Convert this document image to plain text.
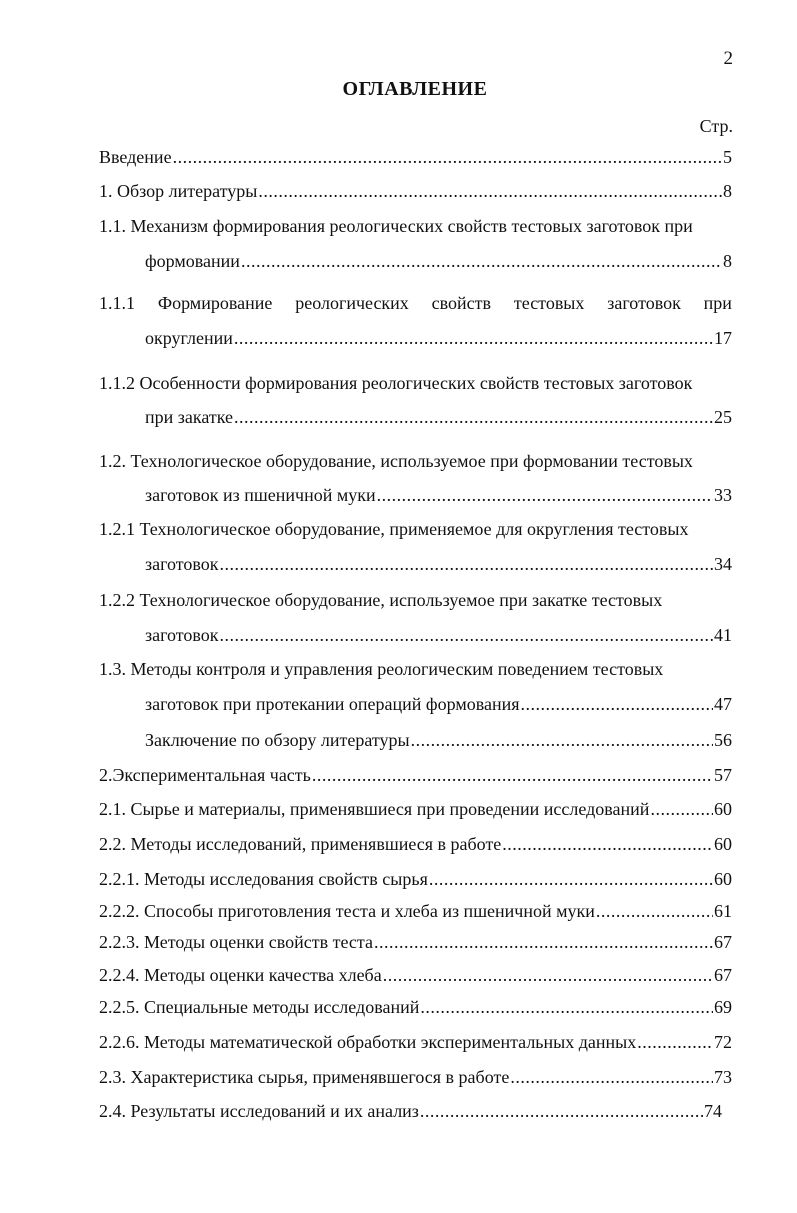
2
ОГЛАВЛЕНИЕ
Стр.
Введение .....	5
1. Обзор литературы .....	8
1.1. Механизм формирования реологических свойств тестовых заготовок при
формовании .....	8
1.1.1 Формирование реологических свойств тестовых заготовок при
округлении .....	17
1.1.2 Особенности формирования реологических свойств тестовых заготовок
при закатке .....	25
1.2. Технологическое оборудование, используемое при формовании тестовых
заготовок из пшеничной муки .....	33
1.2.1 Технологическое оборудование, применяемое для округления тестовых
заготовок .....	34
1.2.2 Технологическое оборудование, используемое при закатке тестовых
заготовок .....	41
1.3. Методы контроля и управления реологическим поведением тестовых
заготовок при протекании операций формования .....	47
Заключение по обзору литературы .....	56
2.Экспериментальная часть .....	57
2.1. Сырье и материалы, применявшиеся при проведении исследований .....	60
2.2. Методы исследований, применявшиеся в работе .....	60
2.2.1. Методы исследования свойств сырья .....	60
2.2.2. Способы приготовления теста и хлеба из пшеничной муки .....	61
2.2.3. Методы оценки свойств теста .....	67
2.2.4. Методы оценки качества хлеба .....	67
2.2.5. Специальные методы исследований .....	69
2.2.6. Методы математической обработки экспериментальных данных .....	72
2.3. Характеристика сырья, применявшегося в работе .....	73
2.4. Результаты исследований и их анализ .....	74
